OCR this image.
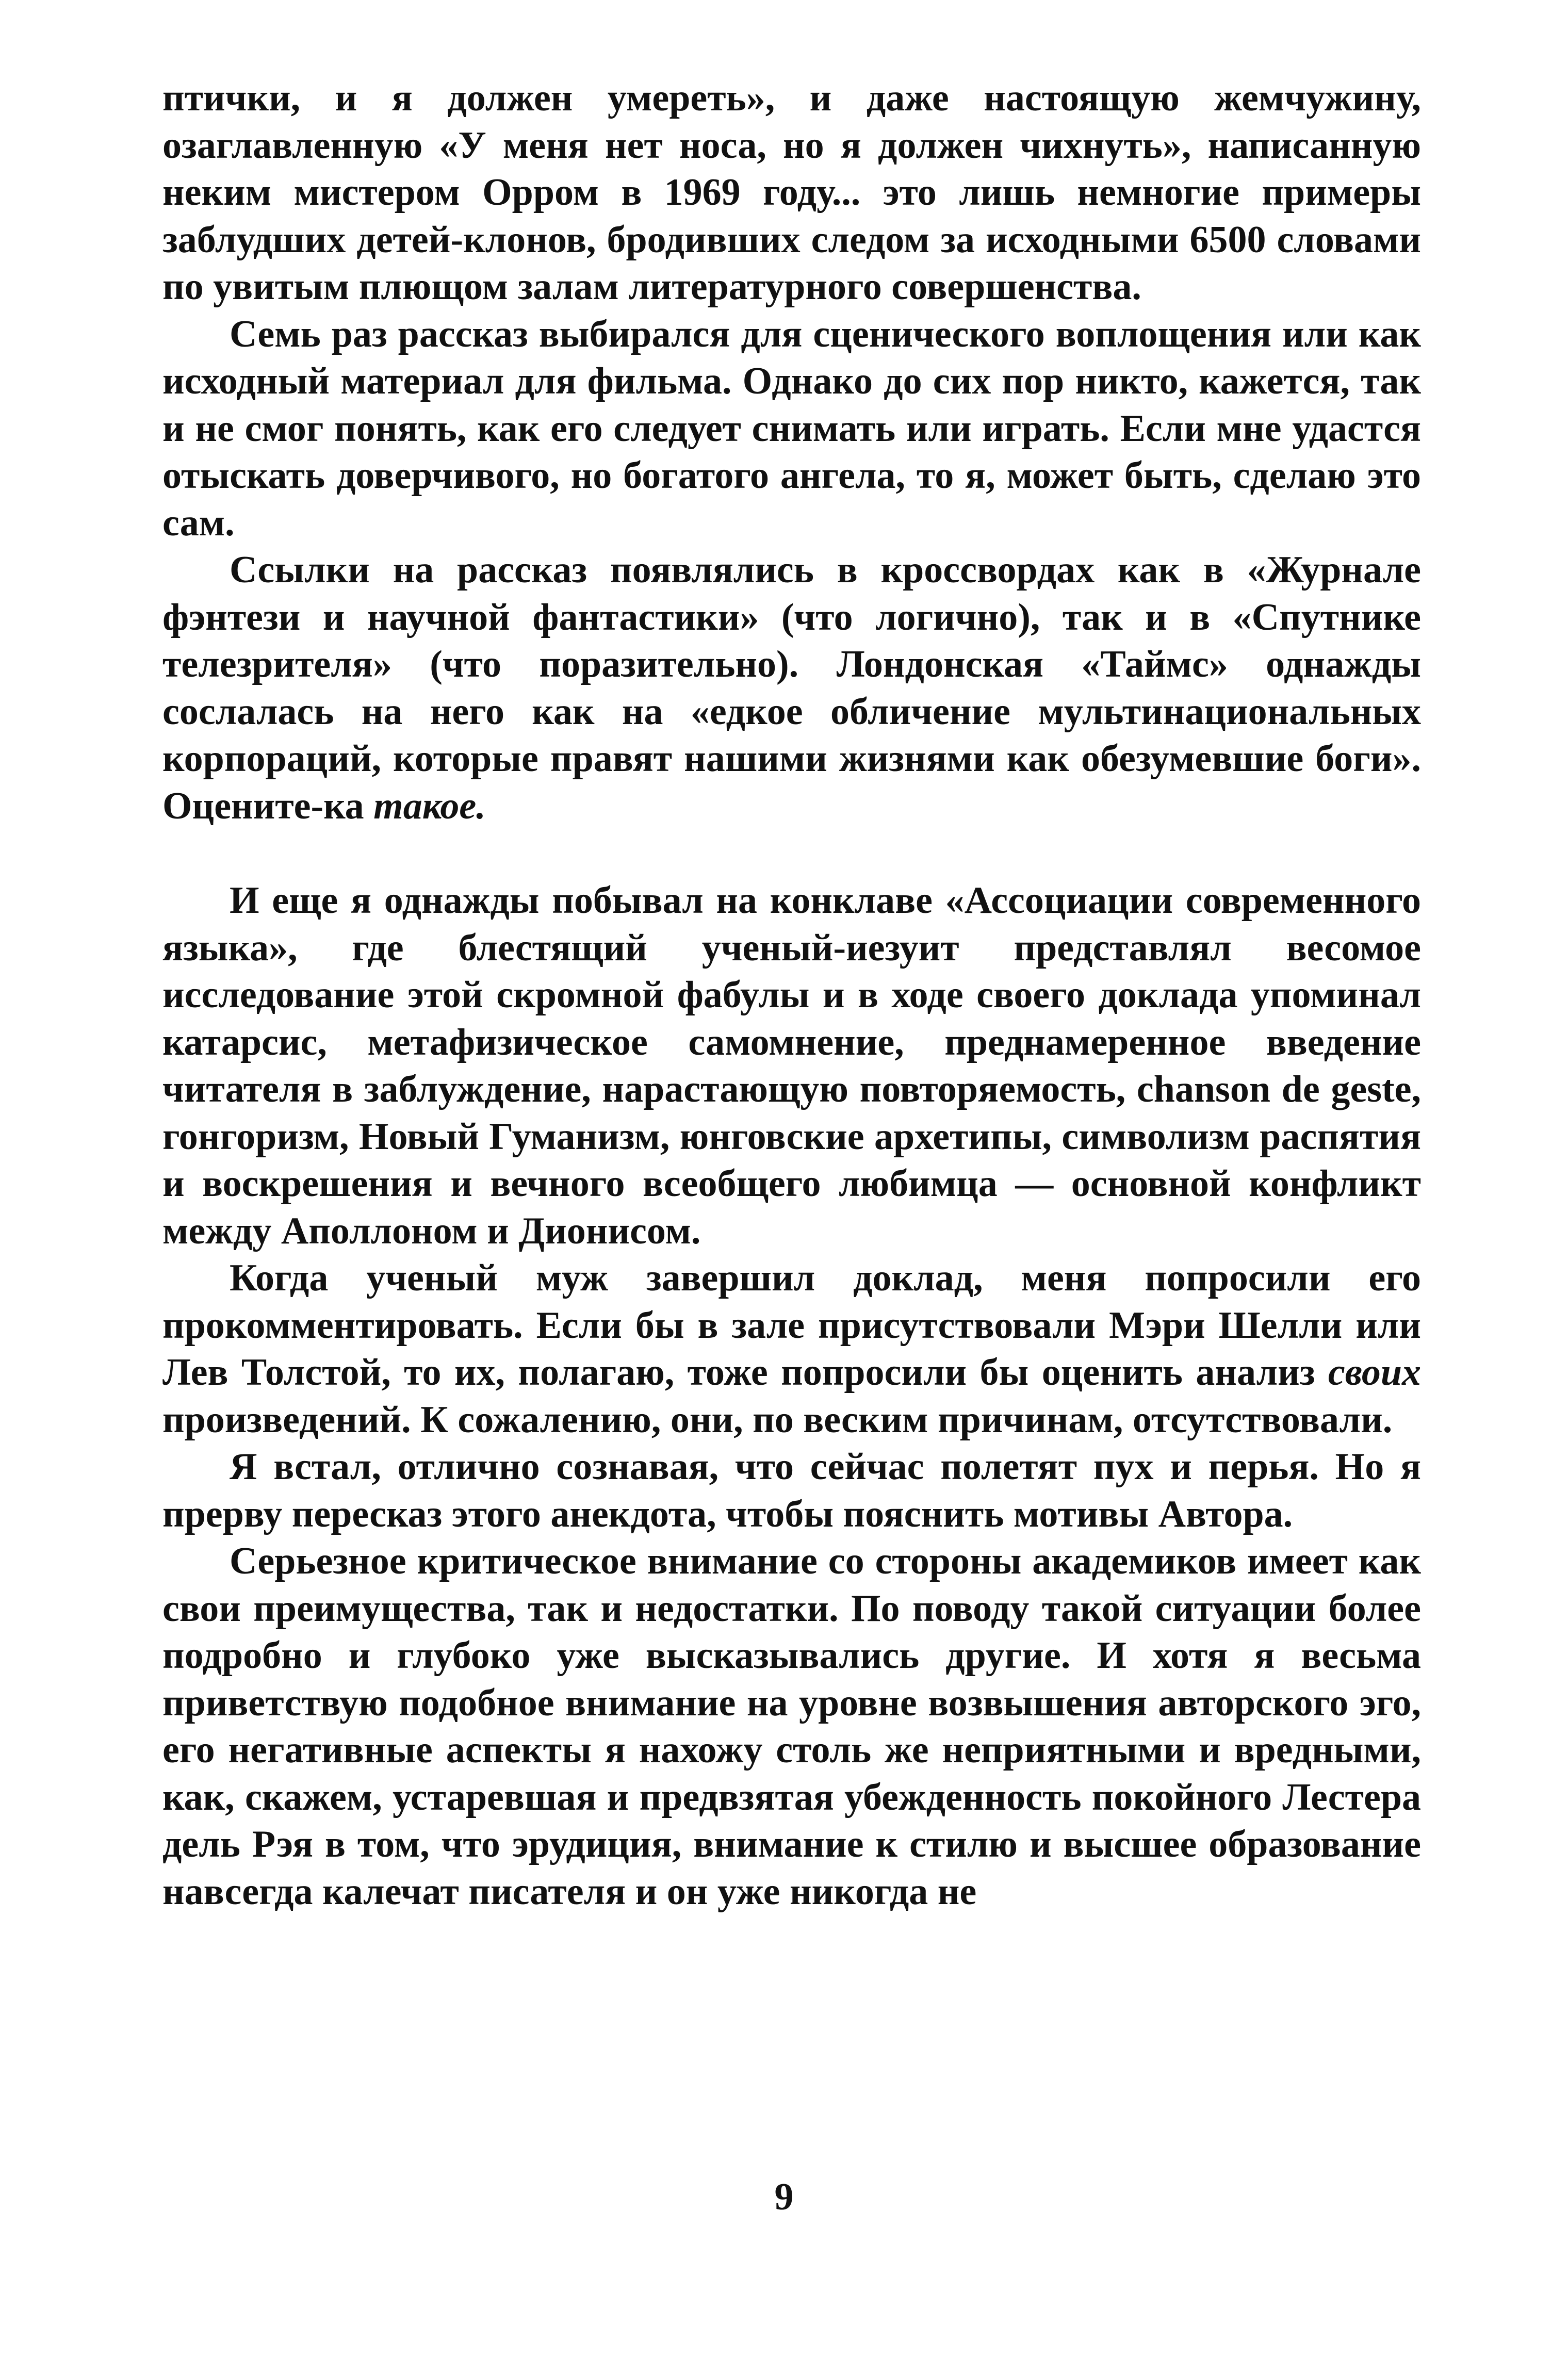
птички, и я должен умереть», и даже настоящую жемчужину, озаглавленную «У меня нет носа, но я должен чихнуть», написанную неким мистером Орром в 1969 году... это лишь немногие примеры заблудших детей-клонов, бродивших следом за исходными 6500 словами по увитым плющом залам литературного совершенства.

Семь раз рассказ выбирался для сценического воплощения или как исходный материал для фильма. Однако до сих пор никто, кажется, так и не смог понять, как его следует снимать или играть. Если мне удастся отыскать доверчивого, но богатого ангела, то я, может быть, сделаю это сам.

Ссылки на рассказ появлялись в кроссвордах как в «Журнале фэнтези и научной фантастики» (что логично), так и в «Спутнике телезрителя» (что поразительно). Лондонская «Таймс» однажды сослалась на него как на «едкое обличение мультинациональных корпораций, которые правят нашими жизнями как обезумевшие боги». Оцените-ка такое.

И еще я однажды побывал на конклаве «Ассоциации современного языка», где блестящий ученый-иезуит представлял весомое исследование этой скромной фабулы и в ходе своего доклада упоминал катарсис, метафизическое самомнение, преднамеренное введение читателя в заблуждение, нарастающую повторяемость, chanson de geste, гонгоризм, Новый Гуманизм, юнговские архетипы, символизм распятия и воскрешения и вечного всеобщего любимца — основной конфликт между Аполлоном и Дионисом.

Когда ученый муж завершил доклад, меня попросили его прокомментировать. Если бы в зале присутствовали Мэри Шелли или Лев Толстой, то их, полагаю, тоже попросили бы оценить анализ своих произведений. К сожалению, они, по веским причинам, отсутствовали.

Я встал, отлично сознавая, что сейчас полетят пух и перья. Но я прерву пересказ этого анекдота, чтобы пояснить мотивы Автора.

Серьезное критическое внимание со стороны академиков имеет как свои преимущества, так и недостатки. По поводу такой ситуации более подробно и глубоко уже высказывались другие. И хотя я весьма приветствую подобное внимание на уровне возвышения авторского эго, его негативные аспекты я нахожу столь же неприятными и вредными, как, скажем, устаревшая и предвзятая убежденность покойного Лестера дель Рэя в том, что эрудиция, внимание к стилю и высшее образование навсегда калечат писателя и он уже никогда не

9
